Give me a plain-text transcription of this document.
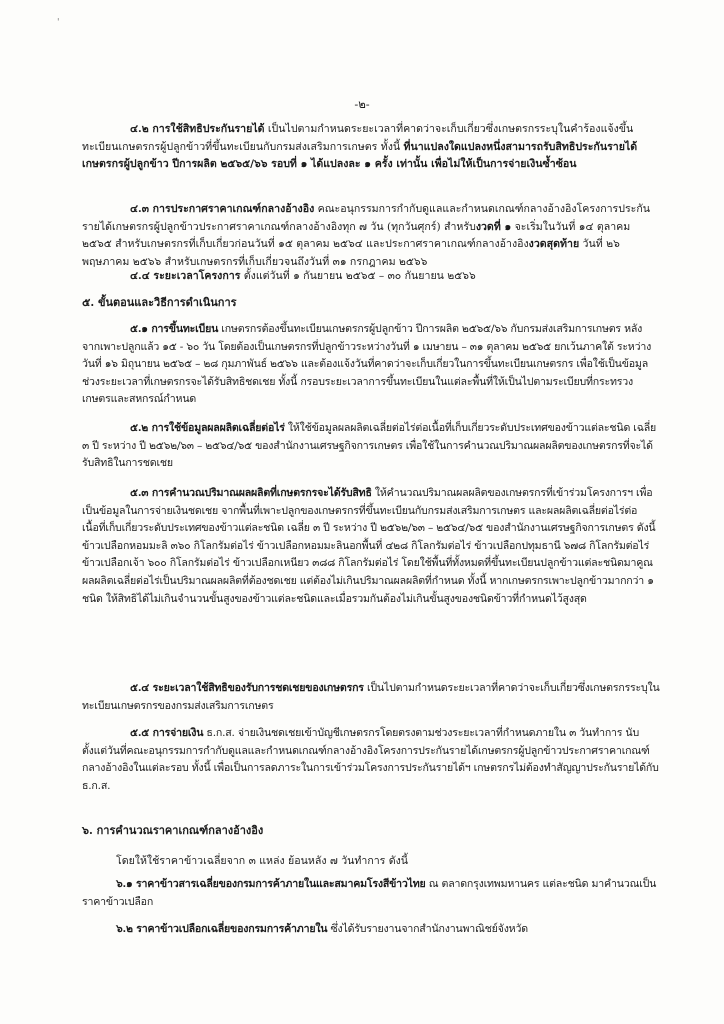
'
-๒-
๔.๒ การใช้สิทธิประกันรายได้ เป็นไปตามกำหนดระยะเวลาที่คาดว่าจะเก็บเกี่ยวซึ่งเกษตรกรระบุในคำร้องแจ้งขึ้นทะเบียนเกษตรกรผู้ปลูกข้าวที่ขึ้นทะเบียนกับกรมส่งเสริมการเกษตร ทั้งนี้ ที่นาแปลงใดแปลงหนึ่งสามารถรับสิทธิประกันรายได้เกษตรกรผู้ปลูกข้าว ปีการผลิต ๒๕๖๕/๖๖ รอบที่ ๑ ได้แปลงละ ๑ ครั้ง เท่านั้น เพื่อไม่ให้เป็นการจ่ายเงินซ้ำซ้อน
๔.๓ การประกาศราคาเกณฑ์กลางอ้างอิง คณะอนุกรรมการกำกับดูแลและกำหนดเกณฑ์กลางอ้างอิงโครงการประกันรายได้เกษตรกรผู้ปลูกข้าวประกาศราคาเกณฑ์กลางอ้างอิงทุก ๗ วัน (ทุกวันศุกร์) สำหรับงวดที่ ๑ จะเริ่มในวันที่ ๑๔ ตุลาคม ๒๕๖๕ สำหรับเกษตรกรที่เก็บเกี่ยวก่อนวันที่ ๑๕ ตุลาคม ๒๕๖๔ และประกาศราคาเกณฑ์กลางอ้างอิงงวดสุดท้าย วันที่ ๒๖ พฤษภาคม ๒๕๖๖ สำหรับเกษตรกรที่เก็บเกี่ยวจนถึงวันที่ ๓๑ กรกฎาคม ๒๕๖๖
๔.๔ ระยะเวลาโครงการ ตั้งแต่วันที่ ๑ กันยายน ๒๕๖๕ – ๓๐ กันยายน ๒๕๖๖
๕. ขั้นตอนและวิธีการดำเนินการ
๕.๑ การขึ้นทะเบียน เกษตรกรต้องขึ้นทะเบียนเกษตรกรผู้ปลูกข้าว ปีการผลิต ๒๕๖๕/๖๖ กับกรมส่งเสริมการเกษตร หลังจากเพาะปลูกแล้ว ๑๕ - ๖๐ วัน โดยต้องเป็นเกษตรกรที่ปลูกข้าวระหว่างวันที่ ๑ เมษายน – ๓๑ ตุลาคม ๒๕๖๕ ยกเว้นภาคใต้ ระหว่างวันที่ ๑๖ มิถุนายน ๒๕๖๕ – ๒๘ กุมภาพันธ์ ๒๕๖๖ และต้องแจ้งวันที่คาดว่าจะเก็บเกี่ยวในการขึ้นทะเบียนเกษตรกร เพื่อใช้เป็นข้อมูลช่วงระยะเวลาที่เกษตรกรจะได้รับสิทธิชดเชย ทั้งนี้ กรอบระยะเวลาการขึ้นทะเบียนในแต่ละพื้นที่ให้เป็นไปตามระเบียบที่กระทรวงเกษตรและสหกรณ์กำหนด
๕.๒ การใช้ข้อมูลผลผลิตเฉลี่ยต่อไร่ ให้ใช้ข้อมูลผลผลิตเฉลี่ยต่อไร่ต่อเนื้อที่เก็บเกี่ยวระดับประเทศของข้าวแต่ละชนิด เฉลี่ย ๓ ปี ระหว่าง ปี ๒๕๖๒/๖๓ – ๒๕๖๔/๖๕ ของสำนักงานเศรษฐกิจการเกษตร เพื่อใช้ในการคำนวณปริมาณผลผลิตของเกษตรกรที่จะได้รับสิทธิในการชดเชย
๕.๓ การคำนวณปริมาณผลผลิตที่เกษตรกรจะได้รับสิทธิ ให้คำนวณปริมาณผลผลิตของเกษตรกรที่เข้าร่วมโครงการฯ เพื่อเป็นข้อมูลในการจ่ายเงินชดเชย จากพื้นที่เพาะปลูกของเกษตรกรที่ขึ้นทะเบียนกับกรมส่งเสริมการเกษตร และผลผลิตเฉลี่ยต่อไร่ต่อเนื้อที่เก็บเกี่ยวระดับประเทศของข้าวแต่ละชนิด เฉลี่ย ๓ ปี ระหว่าง ปี ๒๕๖๒/๖๓ – ๒๕๖๔/๖๕ ของสำนักงานเศรษฐกิจการเกษตร ดังนี้ ข้าวเปลือกหอมมะลิ ๓๖๐ กิโลกรัมต่อไร่ ข้าวเปลือกหอมมะลินอกพื้นที่ ๔๒๘ กิโลกรัมต่อไร่ ข้าวเปลือกปทุมธานี ๖๗๘ กิโลกรัมต่อไร่ ข้าวเปลือกเจ้า ๖๐๐ กิโลกรัมต่อไร่ ข้าวเปลือกเหนียว ๓๘๘ กิโลกรัมต่อไร่ โดยใช้พื้นที่ทั้งหมดที่ขึ้นทะเบียนปลูกข้าวแต่ละชนิดมาคูณผลผลิตเฉลี่ยต่อไร่เป็นปริมาณผลผลิตที่ต้องชดเชย แต่ต้องไม่เกินปริมาณผลผลิตที่กำหนด ทั้งนี้ หากเกษตรกรเพาะปลูกข้าวมากกว่า ๑ ชนิด ให้สิทธิได้ไม่เกินจำนวนขั้นสูงของข้าวแต่ละชนิดและเมื่อรวมกันต้องไม่เกินขั้นสูงของชนิดข้าวที่กำหนดไว้สูงสุด
๕.๔ ระยะเวลาใช้สิทธิของรับการชดเชยของเกษตรกร เป็นไปตามกำหนดระยะเวลาที่คาดว่าจะเก็บเกี่ยวซึ่งเกษตรกรระบุในทะเบียนเกษตรกรของกรมส่งเสริมการเกษตร
๕.๕ การจ่ายเงิน ธ.ก.ส. จ่ายเงินชดเชยเข้าบัญชีเกษตรกรโดยตรงตามช่วงระยะเวลาที่กำหนดภายใน ๓ วันทำการ นับตั้งแต่วันที่คณะอนุกรรมการกำกับดูแลและกำหนดเกณฑ์กลางอ้างอิงโครงการประกันรายได้เกษตรกรผู้ปลูกข้าวประกาศราคาเกณฑ์กลางอ้างอิงในแต่ละรอบ ทั้งนี้ เพื่อเป็นการลดภาระในการเข้าร่วมโครงการประกันรายได้ฯ เกษตรกรไม่ต้องทำสัญญาประกันรายได้กับ ธ.ก.ส.
๖. การคำนวณราคาเกณฑ์กลางอ้างอิง
โดยให้ใช้ราคาข้าวเฉลี่ยจาก ๓ แหล่ง ย้อนหลัง ๗ วันทำการ ดังนี้
๖.๑ ราคาข้าวสารเฉลี่ยของกรมการค้าภายในและสมาคมโรงสีข้าวไทย ณ ตลาดกรุงเทพมหานคร แต่ละชนิด มาคำนวณเป็นราคาข้าวเปลือก
๖.๒ ราคาข้าวเปลือกเฉลี่ยของกรมการค้าภายใน ซึ่งได้รับรายงานจากสำนักงานพาณิชย์จังหวัด
